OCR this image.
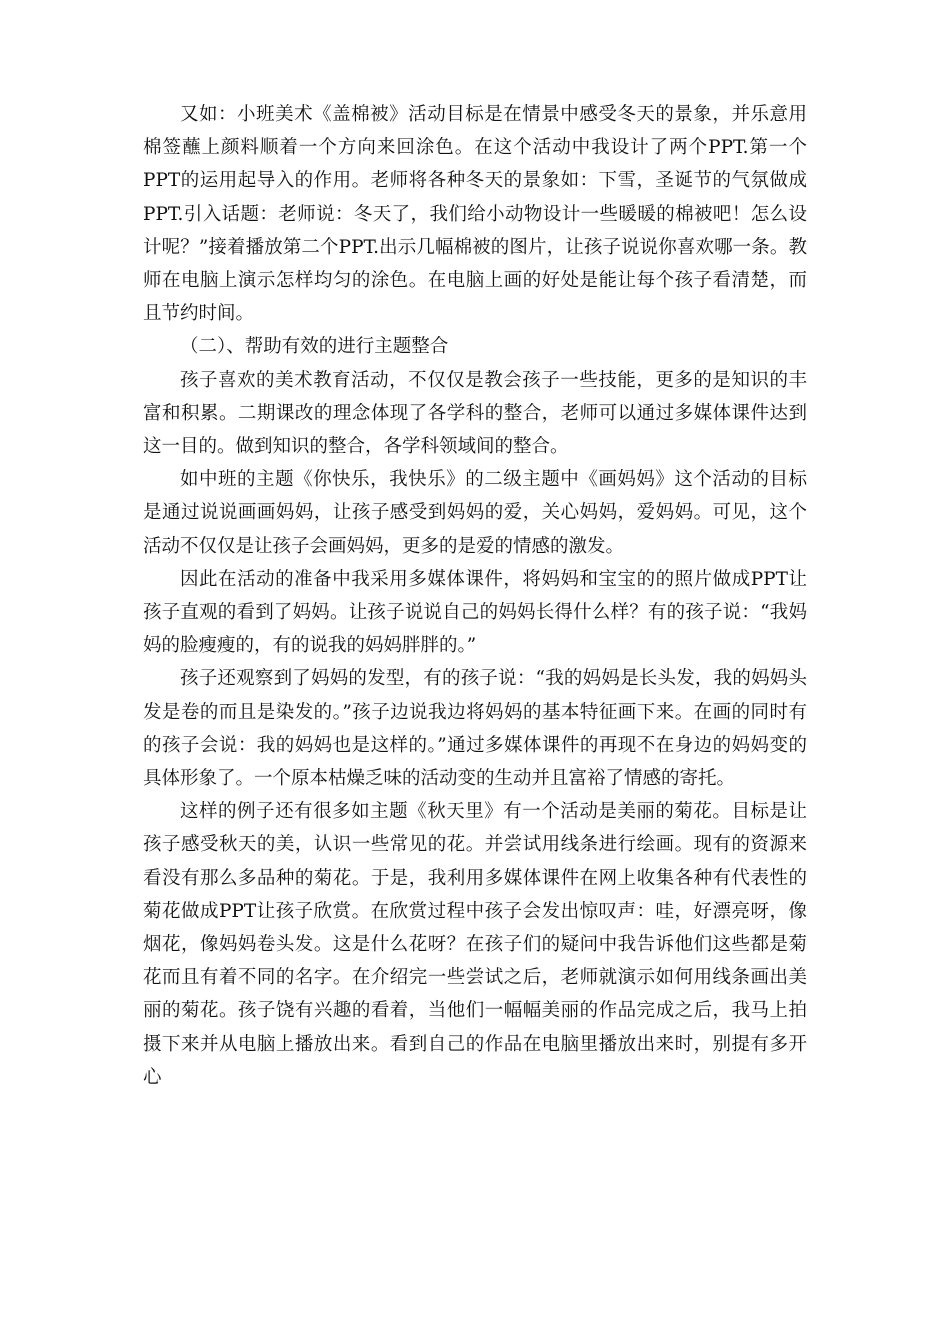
又如：小班美术《盖棉被》活动目标是在情景中感受冬天的景象，并乐意用棉签蘸上颜料顺着一个方向来回涂色。在这个活动中我设计了两个PPT.第一个PPT的运用起导入的作用。老师将各种冬天的景象如：下雪，圣诞节的气氛做成PPT.引入话题：老师说：冬天了，我们给小动物设计一些暖暖的棉被吧！怎么设计呢？”接着播放第二个PPT.出示几幅棉被的图片，让孩子说说你喜欢哪一条。教师在电脑上演示怎样均匀的涂色。在电脑上画的好处是能让每个孩子看清楚，而且节约时间。

（二）、帮助有效的进行主题整合

孩子喜欢的美术教育活动，不仅仅是教会孩子一些技能，更多的是知识的丰富和积累。二期课改的理念体现了各学科的整合，老师可以通过多媒体课件达到这一目的。做到知识的整合，各学科领域间的整合。

如中班的主题《你快乐，我快乐》的二级主题中《画妈妈》这个活动的目标是通过说说画画妈妈，让孩子感受到妈妈的爱，关心妈妈，爱妈妈。可见，这个活动不仅仅是让孩子会画妈妈，更多的是爱的情感的激发。

因此在活动的准备中我采用多媒体课件，将妈妈和宝宝的的照片做成PPT让孩子直观的看到了妈妈。让孩子说说自己的妈妈长得什么样？有的孩子说：“我妈妈的脸瘦瘦的，有的说我的妈妈胖胖的。”

孩子还观察到了妈妈的发型，有的孩子说：“我的妈妈是长头发，我的妈妈头发是卷的而且是染发的。”孩子边说我边将妈妈的基本特征画下来。在画的同时有的孩子会说：我的妈妈也是这样的。”通过多媒体课件的再现不在身边的妈妈变的具体形象了。一个原本枯燥乏味的活动变的生动并且富裕了情感的寄托。

这样的例子还有很多如主题《秋天里》有一个活动是美丽的菊花。目标是让孩子感受秋天的美，认识一些常见的花。并尝试用线条进行绘画。现有的资源来看没有那么多品种的菊花。于是，我利用多媒体课件在网上收集各种有代表性的菊花做成PPT让孩子欣赏。在欣赏过程中孩子会发出惊叹声：哇，好漂亮呀，像烟花，像妈妈卷头发。这是什么花呀？在孩子们的疑问中我告诉他们这些都是菊花而且有着不同的名字。在介绍完一些尝试之后，老师就演示如何用线条画出美丽的菊花。孩子饶有兴趣的看着，当他们一幅幅美丽的作品完成之后，我马上拍摄下来并从电脑上播放出来。看到自己的作品在电脑里播放出来时，别提有多开心
